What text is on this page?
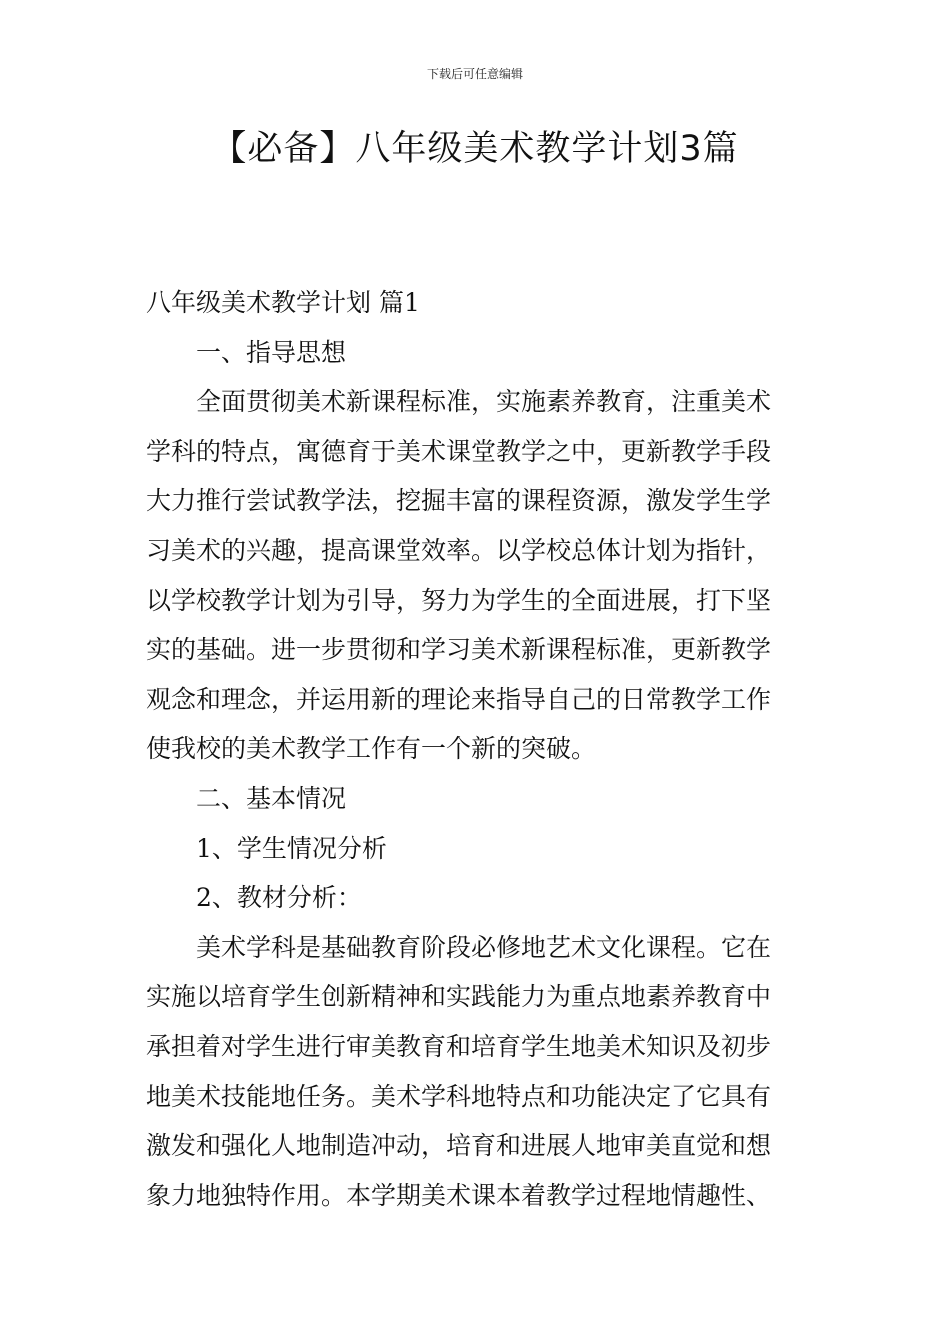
下载后可任意编辑
【必备】八年级美术教学计划3篇

八年级美术教学计划 篇1

一、指导思想

全面贯彻美术新课程标准，实施素养教育，注重美术

学科的特点，寓德育于美术课堂教学之中，更新教学手段

大力推行尝试教学法，挖掘丰富的课程资源，激发学生学

习美术的兴趣，提高课堂效率。以学校总体计划为指针，

以学校教学计划为引导，努力为学生的全面进展，打下坚

实的基础。进一步贯彻和学习美术新课程标准，更新教学

观念和理念，并运用新的理论来指导自己的日常教学工作

使我校的美术教学工作有一个新的突破。

二、基本情况

1、学生情况分析

2、教材分析：

美术学科是基础教育阶段必修地艺术文化课程。它在

实施以培育学生创新精神和实践能力为重点地素养教育中

承担着对学生进行审美教育和培育学生地美术知识及初步

地美术技能地任务。美术学科地特点和功能决定了它具有

激发和强化人地制造冲动，培育和进展人地审美直觉和想

象力地独特作用。本学期美术课本着教学过程地情趣性、
